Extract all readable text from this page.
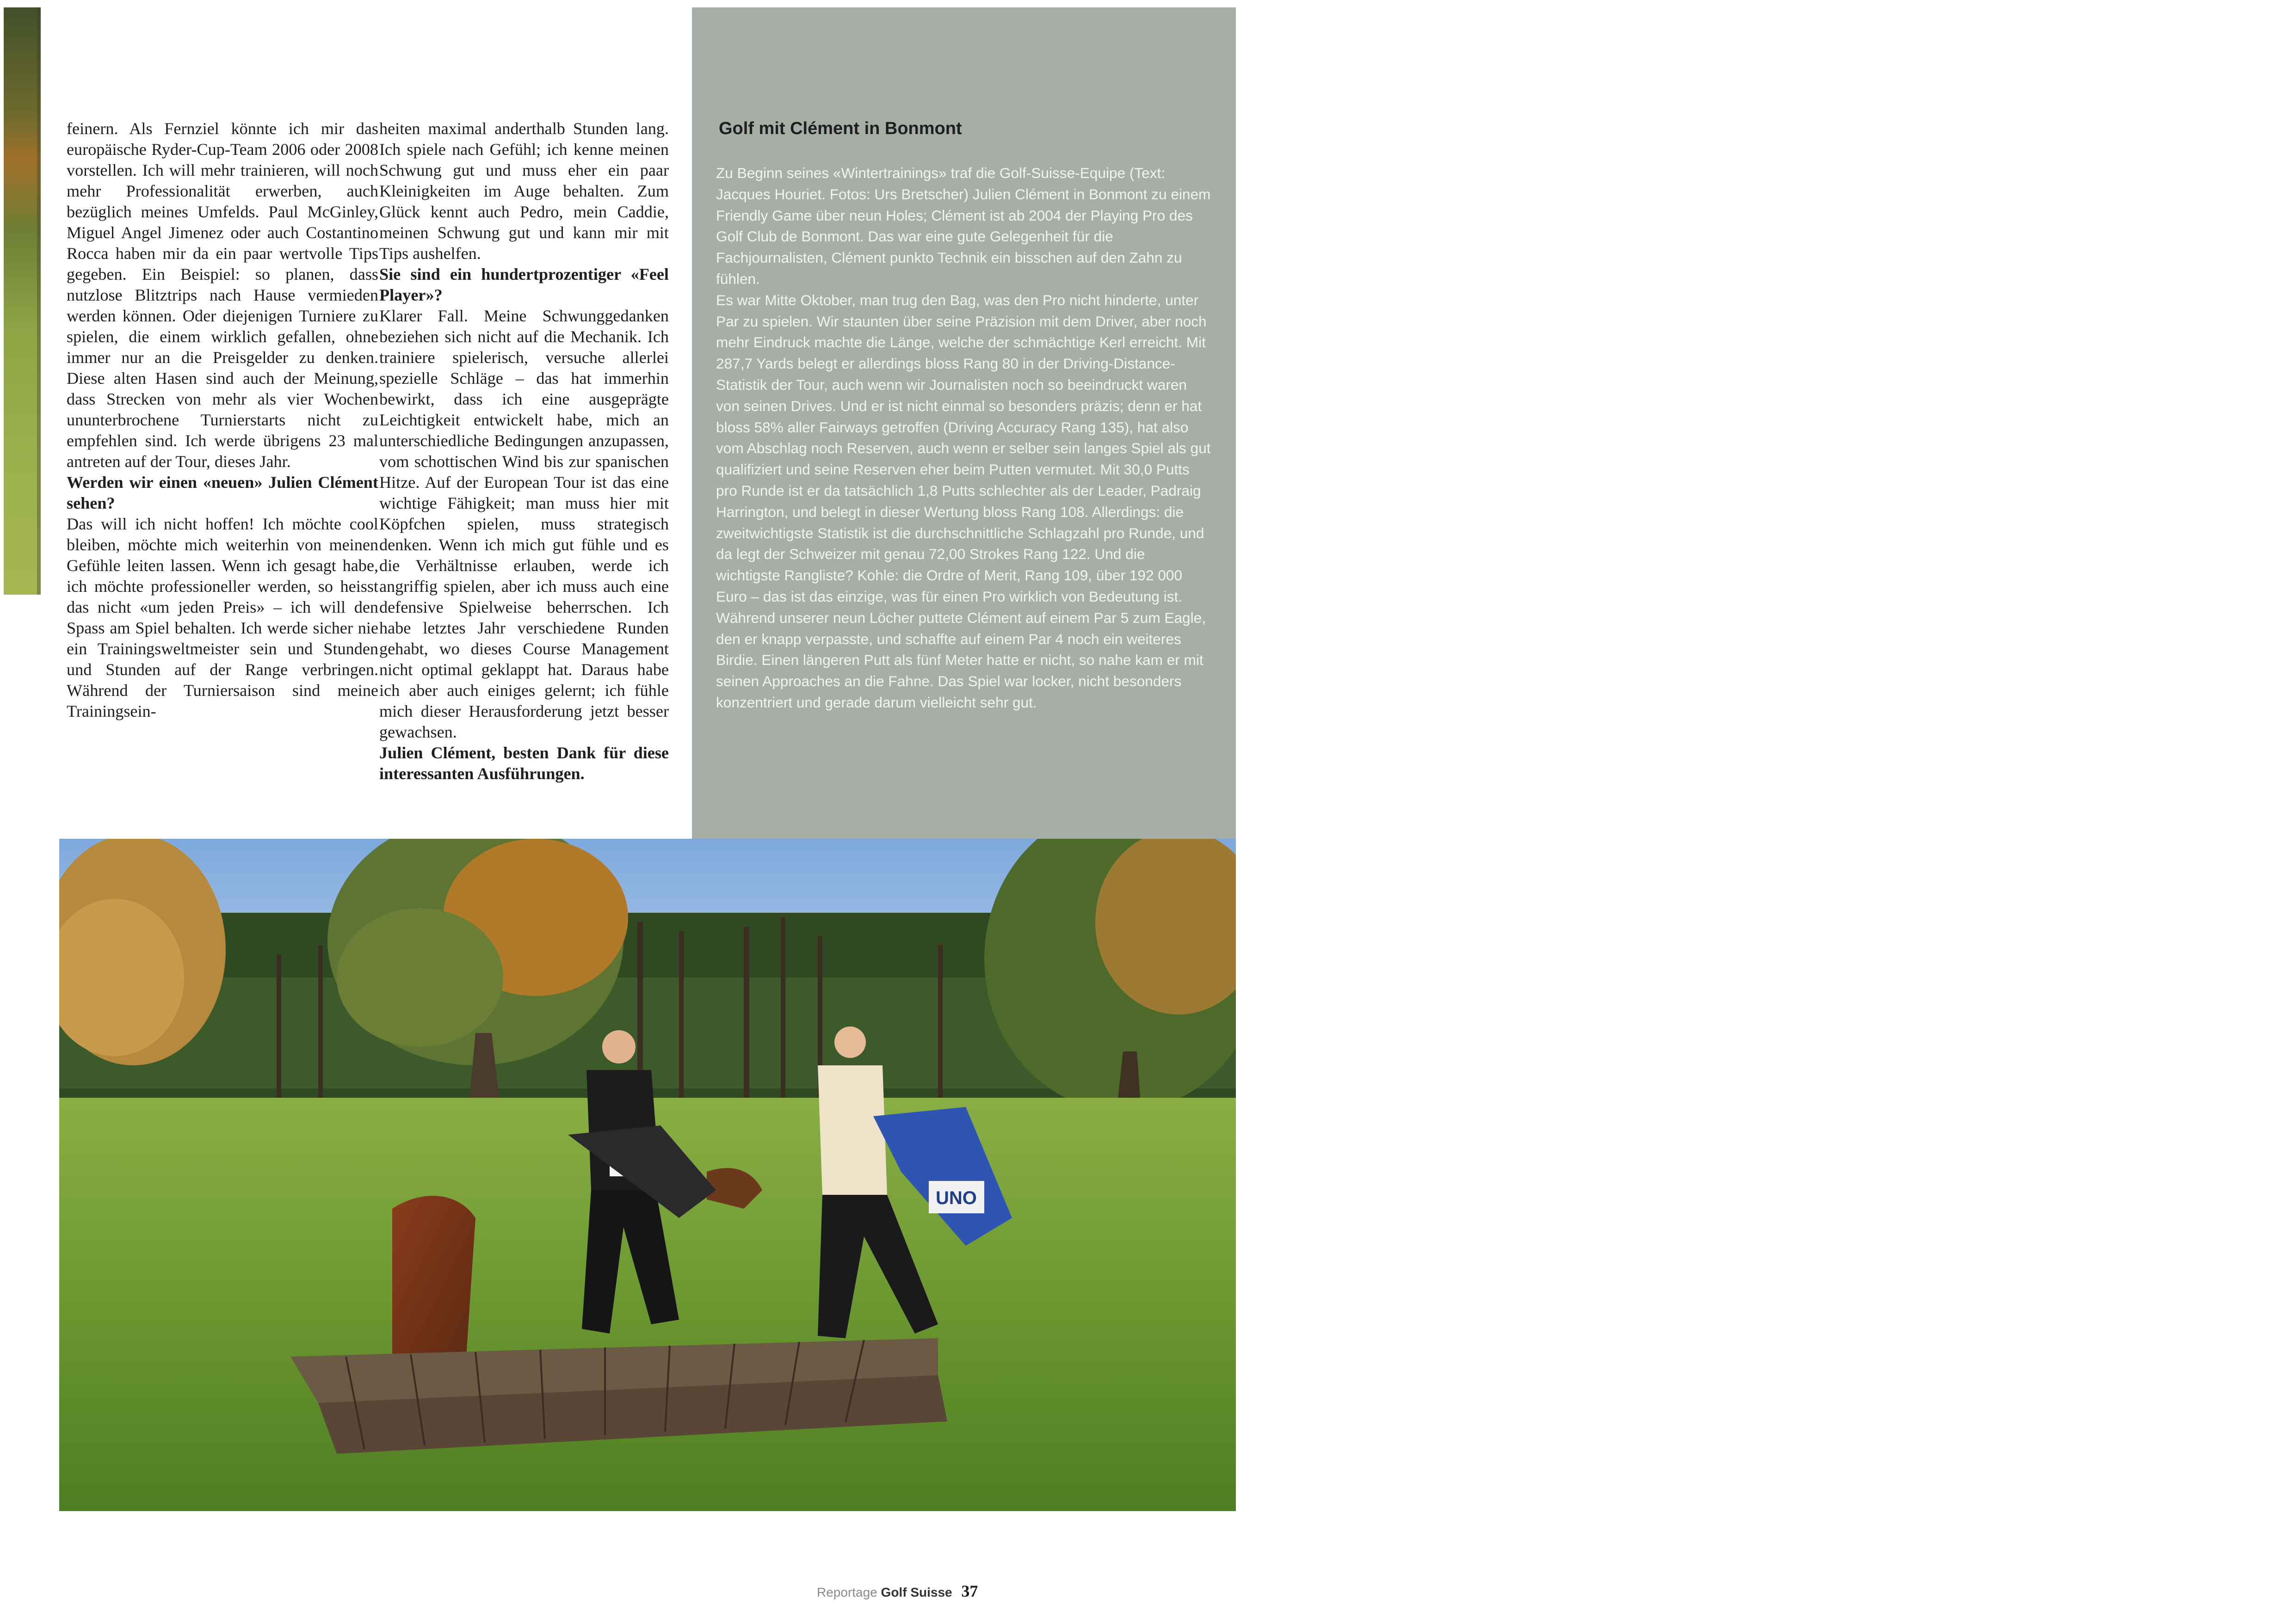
feinern. Als Fernziel könnte ich mir das europäische Ryder-Cup-Team 2006 oder 2008 vorstellen. Ich will mehr trainieren, will noch mehr Professionalität erwerben, auch bezüglich meines Umfelds. Paul McGinley, Miguel Angel Jimenez oder auch Costantino Rocca haben mir da ein paar wertvolle Tips gegeben. Ein Beispiel: so planen, dass nutzlose Blitztrips nach Hause vermieden werden können. Oder diejenigen Turniere zu spielen, die einem wirklich gefallen, ohne immer nur an die Preisgelder zu denken. Diese alten Hasen sind auch der Meinung, dass Strecken von mehr als vier Wochen ununterbrochene Turnierstarts nicht zu empfehlen sind. Ich werde übrigens 23 mal antreten auf der Tour, dieses Jahr.

Werden wir einen «neuen» Julien Clément sehen?

Das will ich nicht hoffen! Ich möchte cool bleiben, möchte mich weiterhin von meinen Gefühle leiten lassen. Wenn ich gesagt habe, ich möchte professioneller werden, so heisst das nicht «um jeden Preis» – ich will den Spass am Spiel behalten. Ich werde sicher nie ein Trainingsweltmeister sein und Stunden und Stunden auf der Range verbringen. Während der Turniersaison sind meine Trainingsein-

heiten maximal anderthalb Stunden lang. Ich spiele nach Gefühl; ich kenne meinen Schwung gut und muss eher ein paar Kleinigkeiten im Auge behalten. Zum Glück kennt auch Pedro, mein Caddie, meinen Schwung gut und kann mir mit Tips aushelfen.

Sie sind ein hundertprozentiger «Feel Player»?

Klarer Fall. Meine Schwunggedanken beziehen sich nicht auf die Mechanik. Ich trainiere spielerisch, versuche allerlei spezielle Schläge – das hat immerhin bewirkt, dass ich eine ausgeprägte Leichtigkeit entwickelt habe, mich an unterschiedliche Bedingungen anzupassen, vom schottischen Wind bis zur spanischen Hitze. Auf der European Tour ist das eine wichtige Fähigkeit; man muss hier mit Köpfchen spielen, muss strategisch denken. Wenn ich mich gut fühle und es die Verhältnisse erlauben, werde ich angriffig spielen, aber ich muss auch eine defensive Spielweise beherrschen. Ich habe letztes Jahr verschiedene Runden gehabt, wo dieses Course Management nicht optimal geklappt hat. Daraus habe ich aber auch einiges gelernt; ich fühle mich dieser Herausforderung jetzt besser gewachsen.

Julien Clément, besten Dank für diese interessanten Ausführungen.

Golf mit Clément in Bonmont

Zu Beginn seines «Wintertrainings» traf die Golf-Suisse-Equipe (Text: Jacques Houriet. Fotos: Urs Bretscher) Julien Clément in Bonmont zu einem Friendly Game über neun Holes; Clément ist ab 2004 der Playing Pro des Golf Club de Bonmont. Das war eine gute Gelegenheit für die Fachjournalisten, Clément punkto Technik ein bisschen auf den Zahn zu fühlen.

Es war Mitte Oktober, man trug den Bag, was den Pro nicht hinderte, unter Par zu spielen. Wir staunten über seine Präzision mit dem Driver, aber noch mehr Eindruck machte die Länge, welche der schmächtige Kerl erreicht. Mit 287,7 Yards belegt er allerdings bloss Rang 80 in der Driving-Distance-Statistik der Tour, auch wenn wir Journalisten noch so beeindruckt waren von seinen Drives. Und er ist nicht einmal so besonders präzis; denn er hat bloss 58% aller Fairways getroffen (Driving Accuracy Rang 135), hat also vom Abschlag noch Reserven, auch wenn er selber sein langes Spiel als gut qualifiziert und seine Reserven eher beim Putten vermutet. Mit 30,0 Putts pro Runde ist er da tatsächlich 1,8 Putts schlechter als der Leader, Padraig Harrington, und belegt in dieser Wertung bloss Rang 108. Allerdings: die zweitwichtigste Statistik ist die durchschnittliche Schlagzahl pro Runde, und da legt der Schweizer mit genau 72,00 Strokes Rang 122. Und die wichtigste Rangliste? Kohle: die Ordre of Merit, Rang 109, über 192 000 Euro – das ist das einzige, was für einen Pro wirklich von Bedeutung ist.

Während unserer neun Löcher puttete Clément auf einem Par 5 zum Eagle, den er knapp verpasste, und schaffte auf einem Par 4 noch ein weiteres Birdie. Einen längeren Putt als fünf Meter hatte er nicht, so nahe kam er mit seinen Approaches an die Fahne. Das Spiel war locker, nicht besonders konzentriert und gerade darum vielleicht sehr gut.

UNO
Reportage Golf Suisse 37
